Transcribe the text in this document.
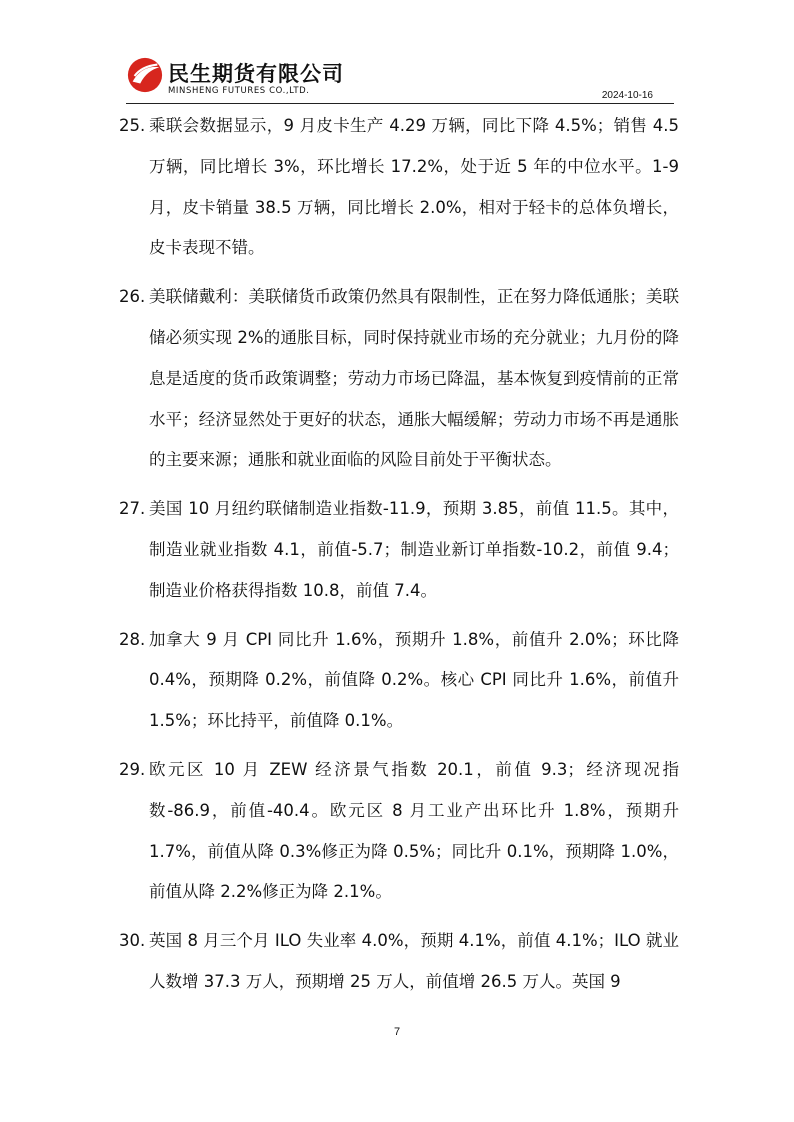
民生期货有限公司
MINSHENG FUTURES CO.,LTD.	2024-10-16
25. 乘联会数据显示，9 月皮卡生产 4.29 万辆，同比下降 4.5%；销售 4.5 万辆，同比增长 3%，环比增长 17.2%，处于近 5 年的中位水平。1-9 月，皮卡销量 38.5 万辆，同比增长 2.0%，相对于轻卡的总体负增长，皮卡表现不错。
26. 美联储戴利：美联储货币政策仍然具有限制性，正在努力降低通胀；美联储必须实现 2%的通胀目标，同时保持就业市场的充分就业；九月份的降息是适度的货币政策调整；劳动力市场已降温，基本恢复到疫情前的正常水平；经济显然处于更好的状态，通胀大幅缓解；劳动力市场不再是通胀的主要来源；通胀和就业面临的风险目前处于平衡状态。
27. 美国 10 月纽约联储制造业指数-11.9，预期 3.85，前值 11.5。其中，制造业就业指数 4.1，前值-5.7；制造业新订单指数-10.2，前值 9.4；制造业价格获得指数 10.8，前值 7.4。
28. 加拿大 9 月 CPI 同比升 1.6%，预期升 1.8%，前值升 2.0%；环比降 0.4%，预期降 0.2%，前值降 0.2%。核心 CPI 同比升 1.6%，前值升 1.5%；环比持平，前值降 0.1%。
29. 欧元区 10 月 ZEW 经济景气指数 20.1，前值 9.3；经济现况指数-86.9，前值-40.4。欧元区 8 月工业产出环比升 1.8%，预期升 1.7%，前值从降 0.3%修正为降 0.5%；同比升 0.1%，预期降 1.0%，前值从降 2.2%修正为降 2.1%。
30. 英国 8 月三个月 ILO 失业率 4.0%，预期 4.1%，前值 4.1%；ILO 就业人数增 37.3 万人，预期增 25 万人，前值增 26.5 万人。英国 9
7
